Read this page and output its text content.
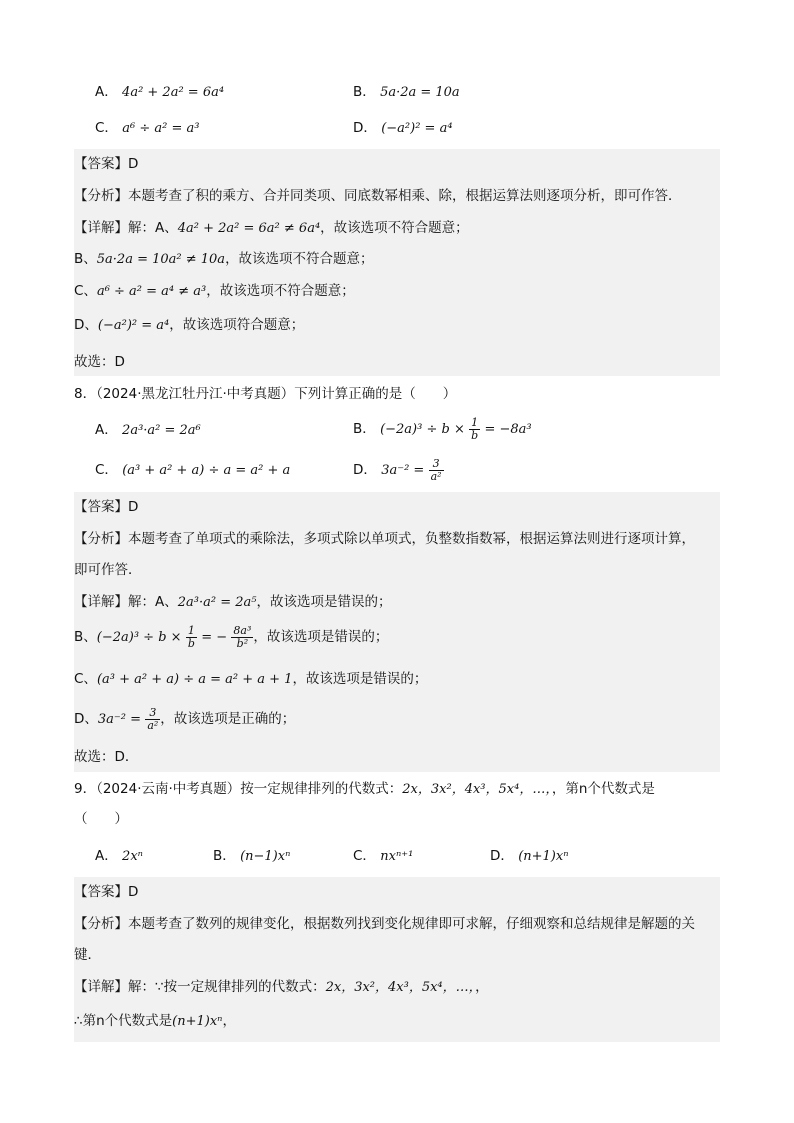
A． 4a² + 2a² = 6a⁴	B． 5a·2a = 10a
C． a⁶ ÷ a² = a³	D． (−a²)² = a⁴
【答案】D
【分析】本题考查了积的乘方、合并同类项、同底数幂相乘、除，根据运算法则逐项分析，即可作答．
【详解】解：A、4a² + 2a² = 6a² ≠ 6a⁴，故该选项不符合题意；
B、5a·2a = 10a² ≠ 10a，故该选项不符合题意；
C、a⁶ ÷ a² = a⁴ ≠ a³，故该选项不符合题意；
D、(−a²)² = a⁴，故该选项符合题意；
故选：D
8．（2024·黑龙江牡丹江·中考真题）下列计算正确的是（　　）
A． 2a³·a² = 2a⁶	B． $(-2a)^3 \div b \times \frac{1}{b} = -8a^3$
C． (a³ + a² + a) ÷ a = a² + a	D． $3a^{-2} = \frac{3}{\text{a²}}$
【答案】D
【分析】本题考查了单项式的乘除法，多项式除以单项式，负整数指数幂，根据运算法则进行逐项计算，
即可作答．
【详解】解：A、2a³·a² = 2a⁵，故该选项是错误的；
B、$(-2a)^3 \div b \times \frac{1}{b}$ = − $\frac{\text{8a³}}{\text{b²}}$ ，故该选项是错误的；
C、(a³ + a² + a) ÷ a = a² + a + 1，故该选项是错误的；
D、$3a^{-2} = \frac{3}{\text{a²}}$ ，故该选项是正确的；
故选：D．
9．（2024·云南·中考真题）按一定规律排列的代数式：2x，3x²，4x³，5x⁴，…，，第n个代数式是
（　　）
A． 2xⁿ	B． (n−1)xⁿ	C． nxⁿ⁺¹	D． (n+1)xⁿ
【答案】D
【分析】本题考查了数列的规律变化，根据数列找到变化规律即可求解，仔细观察和总结规律是解题的关
键．
【详解】解：∵按一定规律排列的代数式：2x，3x²，4x³，5x⁴，…，，
∴第n个代数式是(n+1)xⁿ，
